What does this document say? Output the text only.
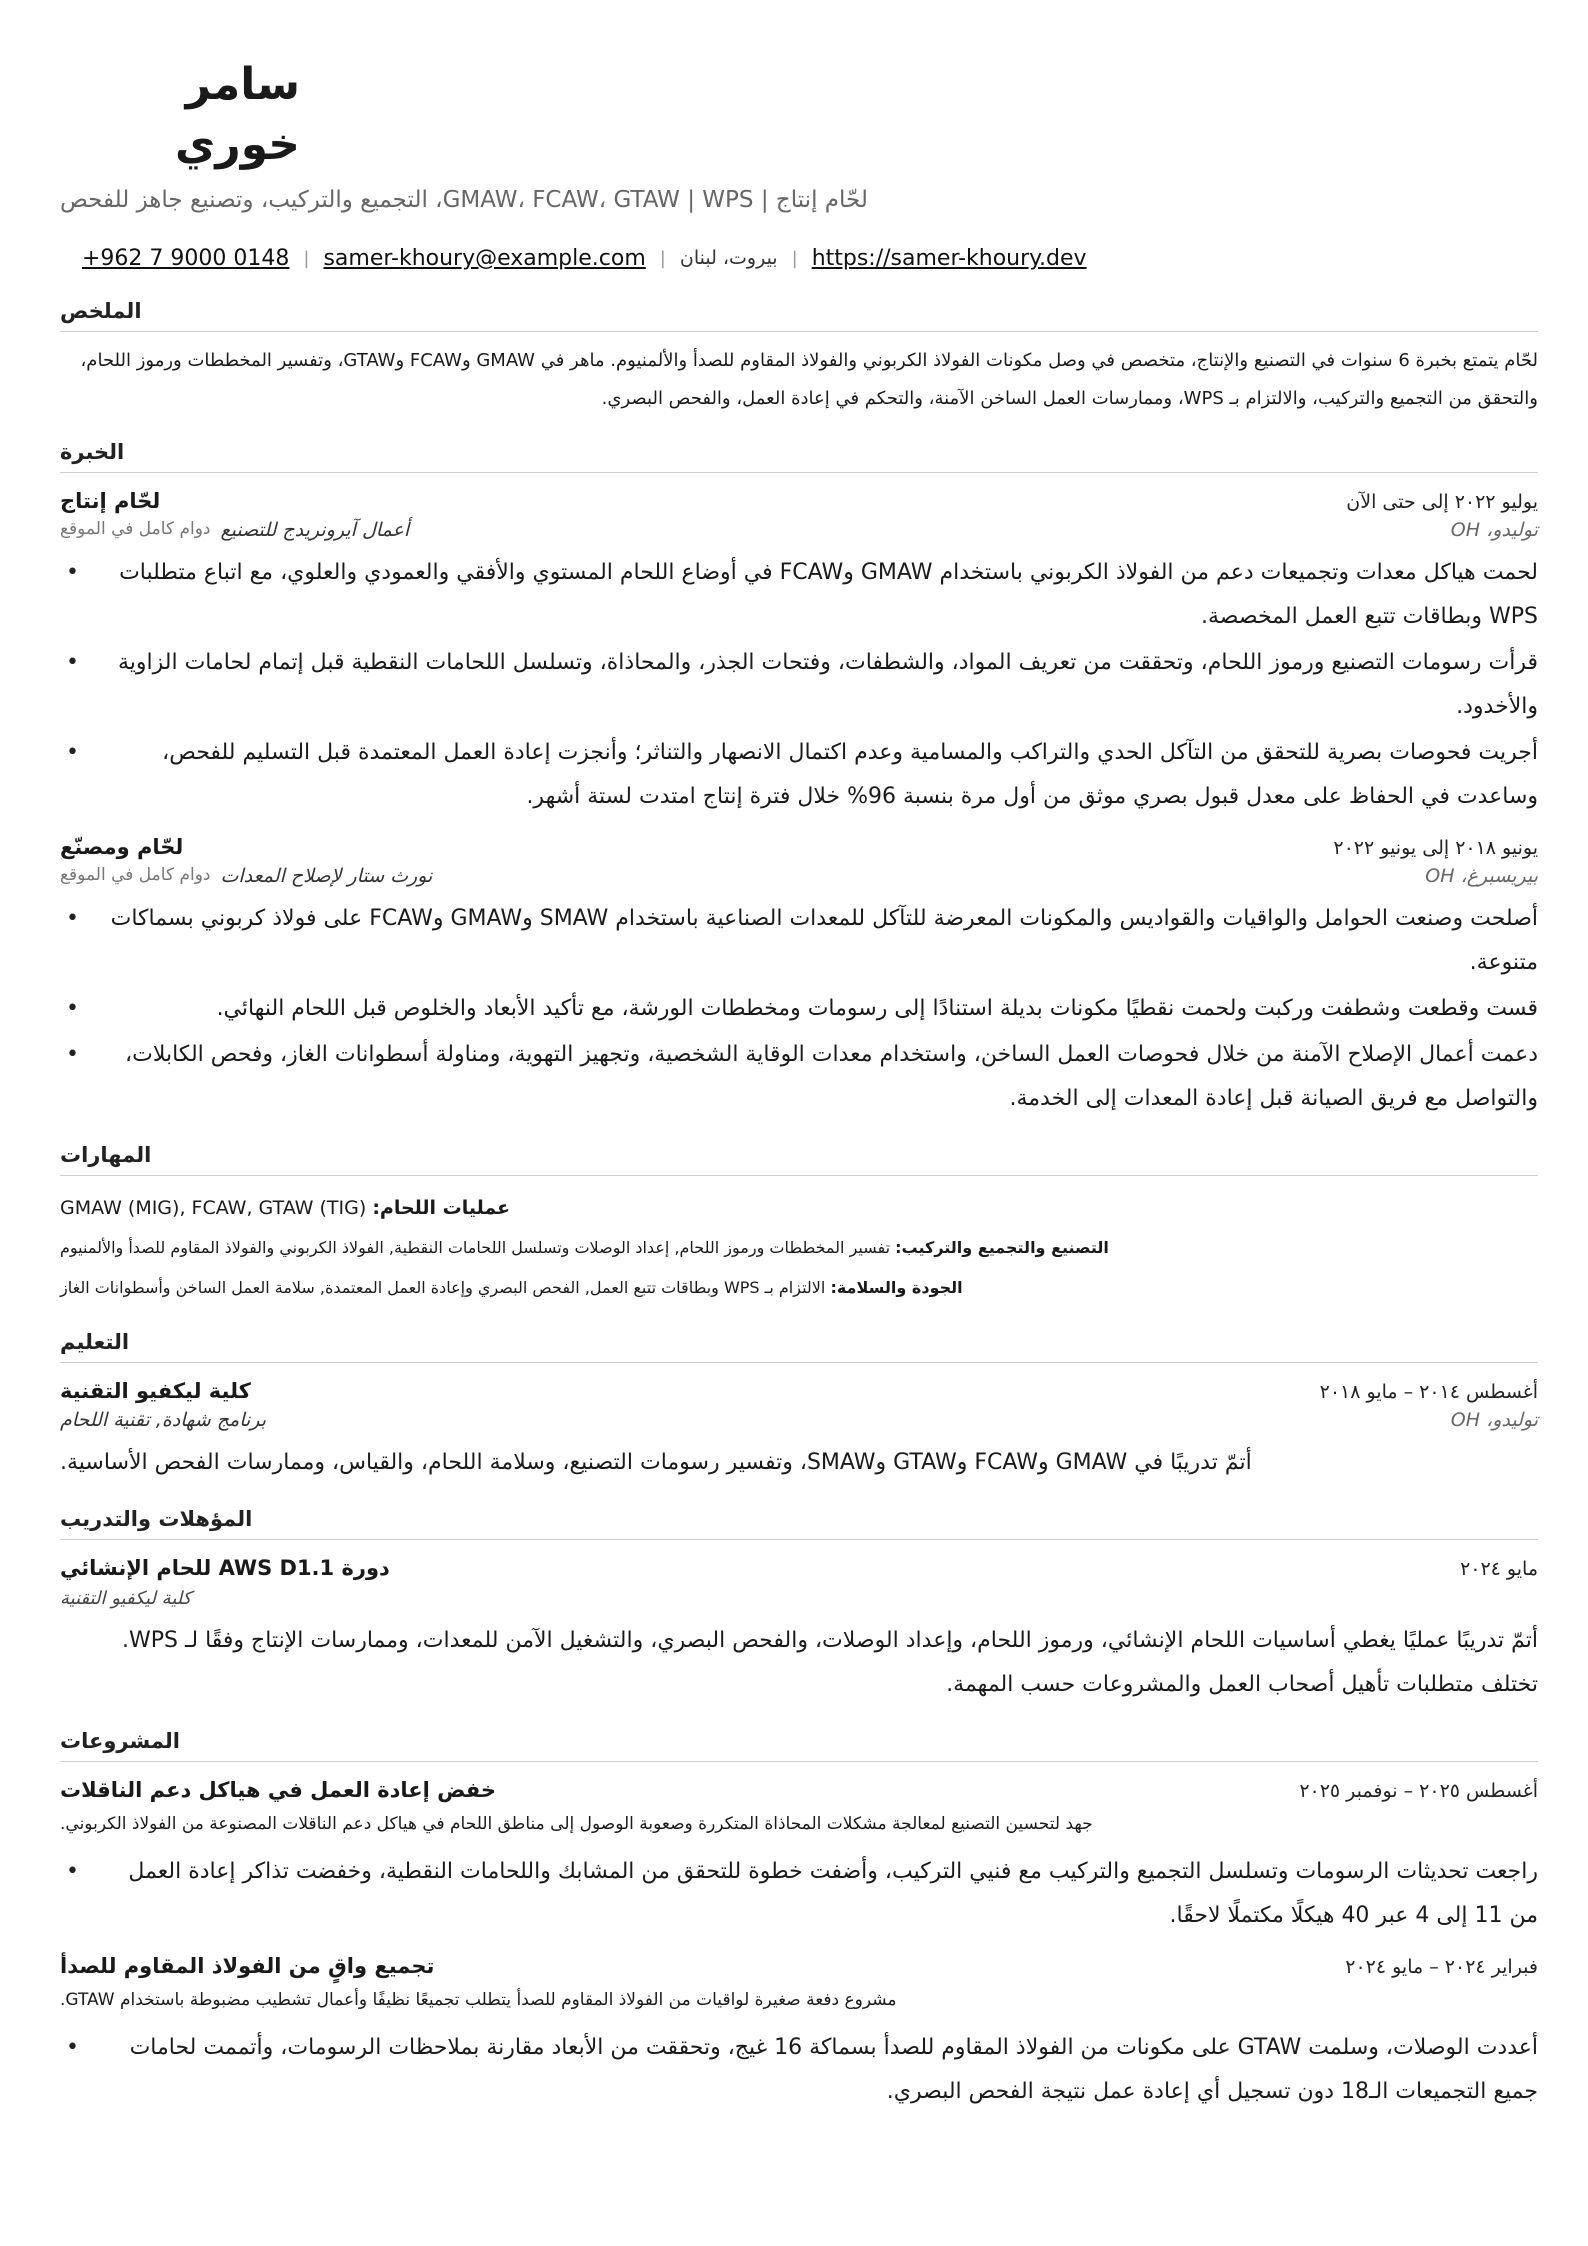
سامر خوري
لحّام إنتاج | GMAW، FCAW، GTAW | WPS، التجميع والتركيب، وتصنيع جاهز للفحص
+962 7 9000 0148 | samer-khoury@example.com | بيروت، لبنان | https://samer-khoury.dev
الملخص
لحّام يتمتع بخبرة 6 سنوات في التصنيع والإنتاج، متخصص في وصل مكونات الفولاذ الكربوني والفولاذ المقاوم للصدأ والألمنيوم. ماهر في GMAW وFCAW وGTAW، وتفسير المخططات ورموز اللحام، والتحقق من التجميع والتركيب، والالتزام بـ WPS، وممارسات العمل الساخن الآمنة، والتحكم في إعادة العمل، والفحص البصري.
الخبرة
لحّام إنتاج	يوليو ٢٠٢٢ إلى حتى الآن
أعمال آيرونريدج للتصنيع
دوام كامل في الموقع	توليدو، OH
• لحمت هياكل معدات وتجميعات دعم من الفولاذ الكربوني باستخدام GMAW وFCAW في أوضاع اللحام المستوي والأفقي والعمودي والعلوي، مع اتباع متطلبات WPS وبطاقات تتبع العمل المخصصة.
• قرأت رسومات التصنيع ورموز اللحام، وتحققت من تعريف المواد، والشطفات، وفتحات الجذر، والمحاذاة، وتسلسل اللحامات النقطية قبل إتمام لحامات الزاوية والأخدود.
• أجريت فحوصات بصرية للتحقق من التآكل الحدي والتراكب والمسامية وعدم اكتمال الانصهار والتناثر؛ وأنجزت إعادة العمل المعتمدة قبل التسليم للفحص، وساعدت في الحفاظ على معدل قبول بصري موثق من أول مرة بنسبة 96% خلال فترة إنتاج امتدت لستة أشهر.
لحّام ومصنّع	يونيو ٢٠١٨ إلى يونيو ٢٠٢٢
نورث ستار لإصلاح المعدات
دوام كامل في الموقع	بيريسبرغ، OH
• أصلحت وصنعت الحوامل والواقيات والقواديس والمكونات المعرضة للتآكل للمعدات الصناعية باستخدام SMAW وGMAW وFCAW على فولاذ كربوني بسماكات متنوعة.
• قست وقطعت وشطفت وركبت ولحمت نقطيًا مكونات بديلة استنادًا إلى رسومات ومخططات الورشة، مع تأكيد الأبعاد والخلوص قبل اللحام النهائي.
• دعمت أعمال الإصلاح الآمنة من خلال فحوصات العمل الساخن، واستخدام معدات الوقاية الشخصية، وتجهيز التهوية، ومناولة أسطوانات الغاز، وفحص الكابلات، والتواصل مع فريق الصيانة قبل إعادة المعدات إلى الخدمة.
المهارات
عمليات اللحام: GMAW (MIG), FCAW, GTAW (TIG)
التصنيع والتجميع والتركيب: تفسير المخططات ورموز اللحام, إعداد الوصلات وتسلسل اللحامات النقطية, الفولاذ الكربوني والفولاذ المقاوم للصدأ والألمنيوم
الجودة والسلامة: الالتزام بـ WPS وبطاقات تتبع العمل, الفحص البصري وإعادة العمل المعتمدة, سلامة العمل الساخن وأسطوانات الغاز
التعليم
كلية ليكفيو التقنية	أغسطس ٢٠١٤ – مايو ٢٠١٨
برنامج شهادة, تقنية اللحام	توليدو، OH
أتمّ تدريبًا في GMAW وFCAW وGTAW وSMAW، وتفسير رسومات التصنيع، وسلامة اللحام، والقياس، وممارسات الفحص الأساسية.
المؤهلات والتدريب
دورة AWS D1.1 للحام الإنشائي	مايو ٢٠٢٤
كلية ليكفيو التقنية
أتمّ تدريبًا عمليًا يغطي أساسيات اللحام الإنشائي، ورموز اللحام، وإعداد الوصلات، والفحص البصري، والتشغيل الآمن للمعدات، وممارسات الإنتاج وفقًا لـ WPS. تختلف متطلبات تأهيل أصحاب العمل والمشروعات حسب المهمة.
المشروعات
خفض إعادة العمل في هياكل دعم الناقلات	أغسطس ٢٠٢٥ – نوفمبر ٢٠٢٥
جهد لتحسين التصنيع لمعالجة مشكلات المحاذاة المتكررة وصعوبة الوصول إلى مناطق اللحام في هياكل دعم الناقلات المصنوعة من الفولاذ الكربوني.
• راجعت تحديثات الرسومات وتسلسل التجميع والتركيب مع فنيي التركيب، وأضفت خطوة للتحقق من المشابك واللحامات النقطية، وخفضت تذاكر إعادة العمل من 11 إلى 4 عبر 40 هيكلًا مكتملًا لاحقًا.
تجميع واقٍ من الفولاذ المقاوم للصدأ	فبراير ٢٠٢٤ – مايو ٢٠٢٤
مشروع دفعة صغيرة لواقيات من الفولاذ المقاوم للصدأ يتطلب تجميعًا نظيفًا وأعمال تشطيب مضبوطة باستخدام GTAW.
• أعددت الوصلات، وسلمت GTAW على مكونات من الفولاذ المقاوم للصدأ بسماكة 16 غيج، وتحققت من الأبعاد مقارنة بملاحظات الرسومات، وأتممت لحامات جميع التجميعات الـ18 دون تسجيل أي إعادة عمل نتيجة الفحص البصري.
